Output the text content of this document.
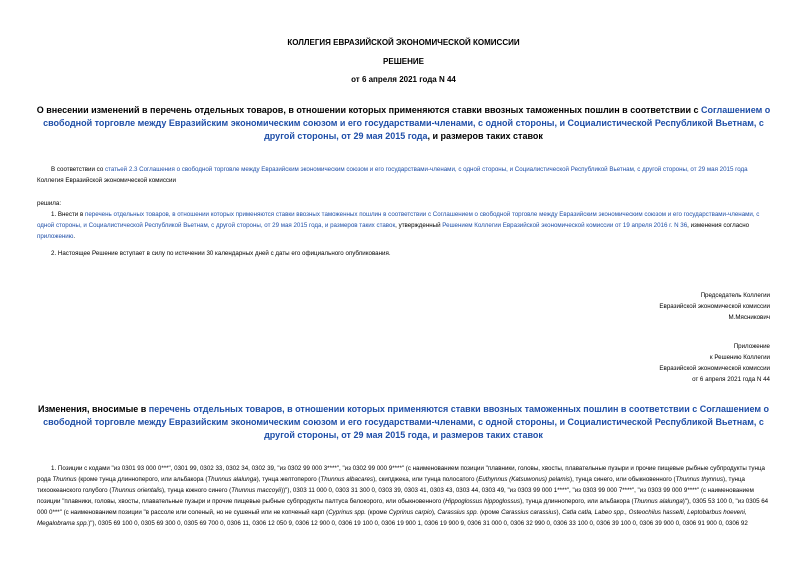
КОЛЛЕГИЯ ЕВРАЗИЙСКОЙ ЭКОНОМИЧЕСКОЙ КОМИССИИ
РЕШЕНИЕ
от 6 апреля 2021 года N 44
О внесении изменений в перечень отдельных товаров, в отношении которых применяются ставки ввозных таможенных пошлин в соответствии с Соглашением о свободной торговле между Евразийским экономическим союзом и его государствами-членами, с одной стороны, и Социалистической Республикой Вьетнам, с другой стороны, от 29 мая 2015 года, и размеров таких ставок
В соответствии со статьей 2.3 Соглашения о свободной торговле между Евразийским экономическим союзом и его государствами-членами, с одной стороны, и Социалистической Республикой Вьетнам, с другой стороны, от 29 мая 2015 года Коллегия Евразийской экономической комиссии
решила:
1. Внести в перечень отдельных товаров, в отношении которых применяются ставки ввозных таможенных пошлин в соответствии с Соглашением о свободной торговле между Евразийским экономическим союзом и его государствами-членами, с одной стороны, и Социалистической Республикой Вьетнам, с другой стороны, от 29 мая 2015 года, и размеров таких ставок, утвержденный Решением Коллегии Евразийской экономической комиссии от 19 апреля 2016 г. N 36, изменения согласно приложению.
2. Настоящее Решение вступает в силу по истечении 30 календарных дней с даты его официального опубликования.
Председатель Коллегии
Евразийской экономической комиссии
М.Мясникович
Приложение
к Решению Коллегии
Евразийской экономической комиссии
от 6 апреля 2021 года N 44
Изменения, вносимые в перечень отдельных товаров, в отношении которых применяются ставки ввозных таможенных пошлин в соответствии с Соглашением о свободной торговле между Евразийским экономическим союзом и его государствами-членами, с одной стороны, и Социалистической Республикой Вьетнам, с другой стороны, от 29 мая 2015 года, и размеров таких ставок
1. Позиции с кодами "из 0301 93 000 0***", 0301 99, 0302 33, 0302 34, 0302 39, "из 0302 99 000 3****", "из 0302 99 000 9****" (с наименованием позиции "плавники, головы, хвосты, плавательные пузыри и прочие пищевые рыбные субпродукты тунца рода Thunnus (кроме тунца длинноперого, или альбакора (Thunnus alalunga), тунца желтоперого (Thunnus albacares), скипджека, или тунца полосатого (Euthynnus (Katsuwonus) pelamis), тунца синего, или обыкновенного (Thunnus thynnus), тунца тихоокеанского голубого (Thunnus orientalis), тунца южного синего (Thunnus maccoyii))"), 0303 11 000 0, 0303 31 300 0, 0303 39, 0303 41, 0303 43, 0303 44, 0303 49, "из 0303 99 000 1****", "из 0303 99 000 7****", "из 0303 99 000 9****" (с наименованием позиции "плавники, головы, хвосты, плавательные пузыри и прочие пищевые рыбные субпродукты палтуса белокорого, или обыкновенного (Hippoglossus hippoglossus), тунца длинноперого, или альбакора (Thunnus alalunga)"), 0305 53 100 0, "из 0305 64 000 0***" (с наименованием позиции "в рассоле или соленый, но не сушеный или не копченый карп (Cyprinus spp. (кроме Cyprinus carpio), Carassius spp. (кроме Carassius carassius), Catla catla, Labeo spp., Osteochilus hasselti, Leptobarbus hoeveni, Megalobrama spp.)"), 0305 69 100 0, 0305 69 300 0, 0305 69 700 0, 0306 11, 0306 12 050 9, 0306 12 900 0, 0306 19 100 0, 0306 19 900 1, 0306 19 900 9, 0306 31 000 0, 0306 32 990 0, 0306 33 100 0, 0306 39 100 0, 0306 39 900 0, 0306 91 900 0, 0306 92
